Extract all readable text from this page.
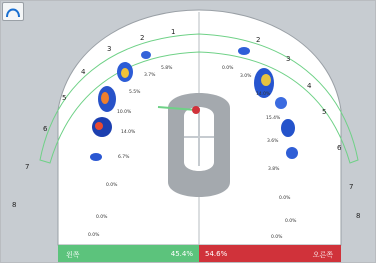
1
2
3
4
5
6
7
8
2
3
4
5
6
7
8
5.8%
3.7%
5.5%
10.0%
14.0%
6.7%
0.0%
0.0%
0.0%
0.0%
3.0%
14.0%
15.4%
3.6%
3.8%
0.0%
0.0%
0.0%
왼쪽	45.4% 54.6%	오른쪽
